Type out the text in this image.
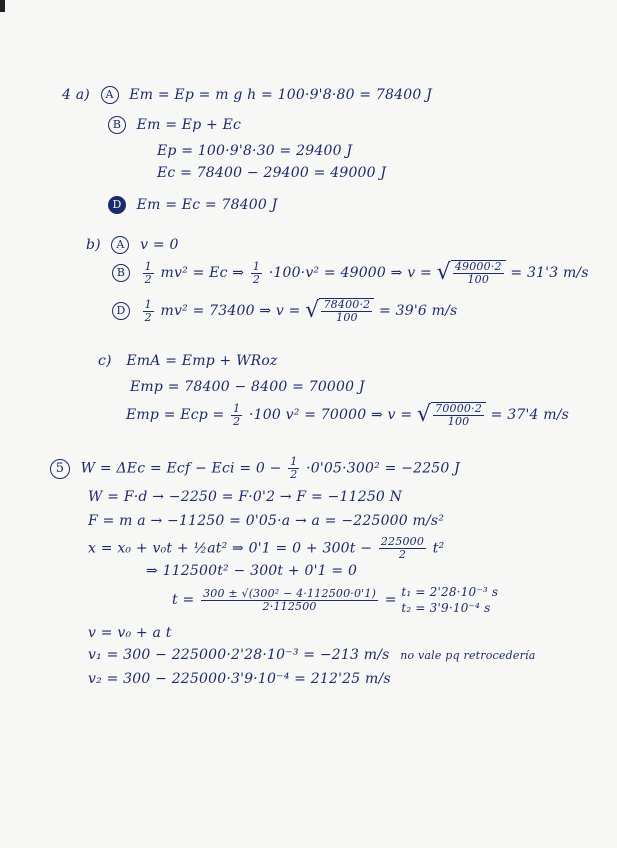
4 a) A Em = Ep = m g h = 100·9'8·80 = 78400 J
B Em = Ep + Ec
Ep = 100·9'8·30 = 29400 J
Ec = 78400 − 29400 = 49000 J
D Em = Ec = 78400 J
b) A v = 0
B $\frac{1}{2} mv^2 = Ec$ ⇒ $\frac{1}{2} \cdot 100\cdot v^2 = 49000$ ⇒ v = √ $\frac{49000\cdot 2}{100} = 31'3$ m/s
D $\frac{1}{2} mv^2 = 73400$ ⇒ v = √ $\frac{78400\cdot 2}{100} = 39'6$ m/s
c) EmA = Emp + WRoz
Emp = 78400 − 8400 = 70000 J
Emp = Ecp = $\frac{1}{2} \cdot 100$ v² = 70000 ⇒ v = √ $\frac{70000\cdot 2}{100} = 37'4$ m/s
5 W = ΔEc = Ecf − Eci = $0 - \frac{1}{2} \cdot 0'05\cdot 300^2 = -2250$ J
W = F·d → −2250 = F·0'2 → F = −11250 N
F = m a → −11250 = 0'05·a → a = −225000 m/s²
x = x₀ + v₀t + ½at² ⇒ $0'1 = 0 + 300t - \frac{225000}{2} t^2$
⇒ 112500t² − 300t + 0'1 = 0
$t = \frac{\text{300 ± √(300² − 4·112500·0'1)}}{2\cdot 112500} = t_1 = 2'28\cdot 10^{-3}$ s
t₂ = 3'9·10⁻⁴ s
v = v₀ + a t
v₁ = 300 − 225000·2'28·10⁻³ = −213 m/s no vale pq retrocedería
v₂ = 300 − 225000·3'9·10⁻⁴ = 212'25 m/s
